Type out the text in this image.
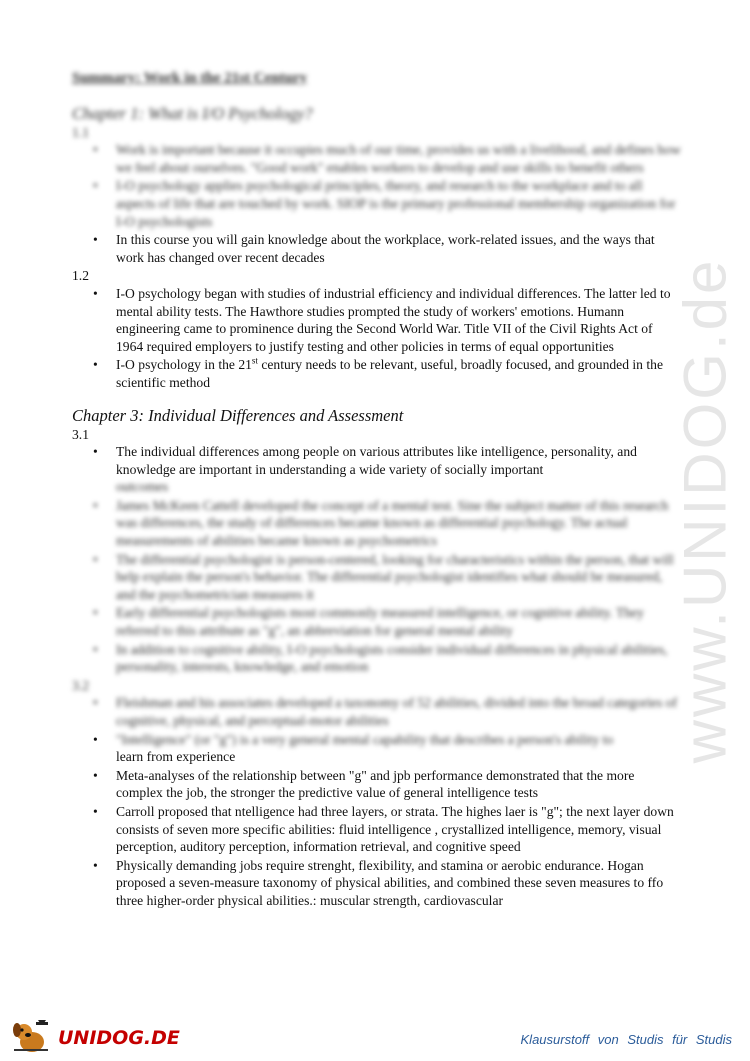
www.UNIDOG.de

Summary: Work in the 21st Century

Chapter 1: What is I/O Psychology?

1.1

• Work is important because it occupies much of our time, provides us with a livelihood, and defines how we feel about ourselves. "Good work" enables workers to develop and use skills to benefit others
• I-O psychology applies psychological principles, theory, and research to the workplace and to all aspects of life that are touched by work. SIOP is the primary professional membership organization for I-O psychologists
• In this course you will gain knowledge about the workplace, work-related issues, and the ways that work has changed over recent decades

1.2

• I-O psychology began with studies of industrial efficiency and individual differences. The latter led to mental ability tests. The Hawthore studies prompted the study of workers' emotions. Humann engineering came to prominence during the Second World War. Title VII of the Civil Rights Act of 1964 required employers to justify testing and other policies in terms of equal opportunities
• I-O psychology in the 21st century needs to be relevant, useful, broadly focused, and grounded in the scientific method

Chapter 3: Individual Differences and Assessment

3.1

• The individual differences among people on various attributes like intelligence, personality, and knowledge are important in understanding a wide variety of socially important
outcomes
• James McKeen Cattell developed the concept of a mental test. Sine the subject matter of this research was differences, the study of differences became known as differential psychology. The actual measurements of abilities became known as psychometrics
• The differential psychologist is person-centered, looking for characteristics within the person, that will help explain the person's behavior. The differential psychologist identifies what should be measured, and the psychometrician measures it
• Early differential psychologists most commonly measured intelligence, or cognitive ability. They referred to this attribute as "g", an abbreviation for general mental ability
• In addition to cognitive ability, I-O psychologists consider individual differences in physical abilities, personality, interests, knowledge, and emotion

3.2

• Fleishman and his associates developed a taxonomy of 52 abilities, divided into the broad categories of cognitive, physical, and perceptual-motor abilities
• "Intelligence" (or "g") is a very general mental capability that describes a person's ability to
learn from experience
• Meta-analyses of the relationship between "g" and jpb performance demonstrated that the more complex the job, the stronger the predictive value of general intelligence tests
• Carroll proposed that ntelligence had three layers, or strata. The highes laer is "g"; the next layer down consists of seven more specific abilities: fluid intelligence , crystallized intelligence, memory, visual perception, auditory perception, information retrieval, and cognitive speed
• Physically demanding jobs require strenght, flexibility, and stamina or aerobic endurance. Hogan proposed a seven-measure taxonomy of physical abilities, and combined these seven measures to ffo three higher-order physical abilities.: muscular strength, cardiovascular
UNIDOG.DE	Klausurstoff von Studis für Studis
